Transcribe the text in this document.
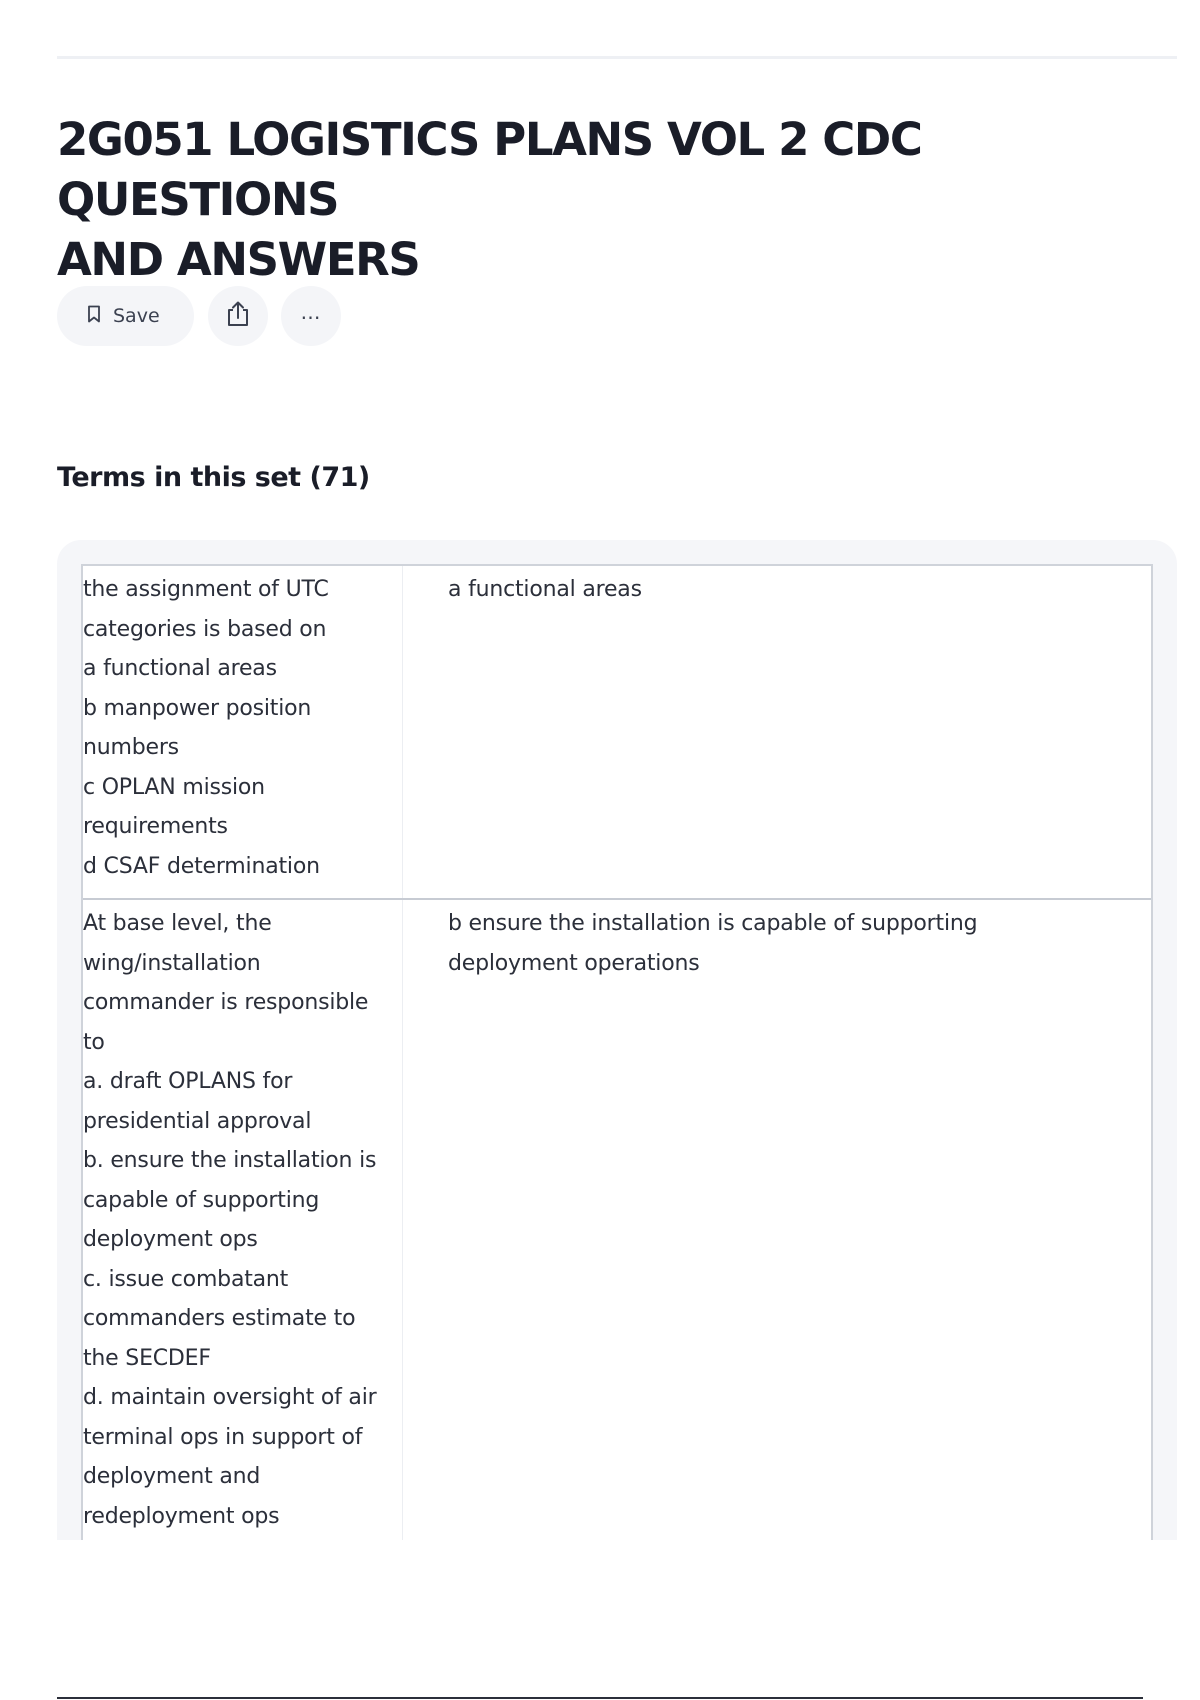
2G051 LOGISTICS PLANS VOL 2 CDC QUESTIONS
AND ANSWERS
Save	…
Terms in this set (71)
the assignment of UTC
categories is based on
a functional areas
b manpower position
numbers
c OPLAN mission
requirements
d CSAF determination
a functional areas
At base level, the
wing/installation
commander is responsible
to
a. draft OPLANS for
presidential approval
b. ensure the installation is
capable of supporting
deployment ops
c. issue combatant
commanders estimate to
the SECDEF
d. maintain oversight of air
terminal ops in support of
deployment and
redeployment ops
b ensure the installation is capable of supporting
deployment operations
